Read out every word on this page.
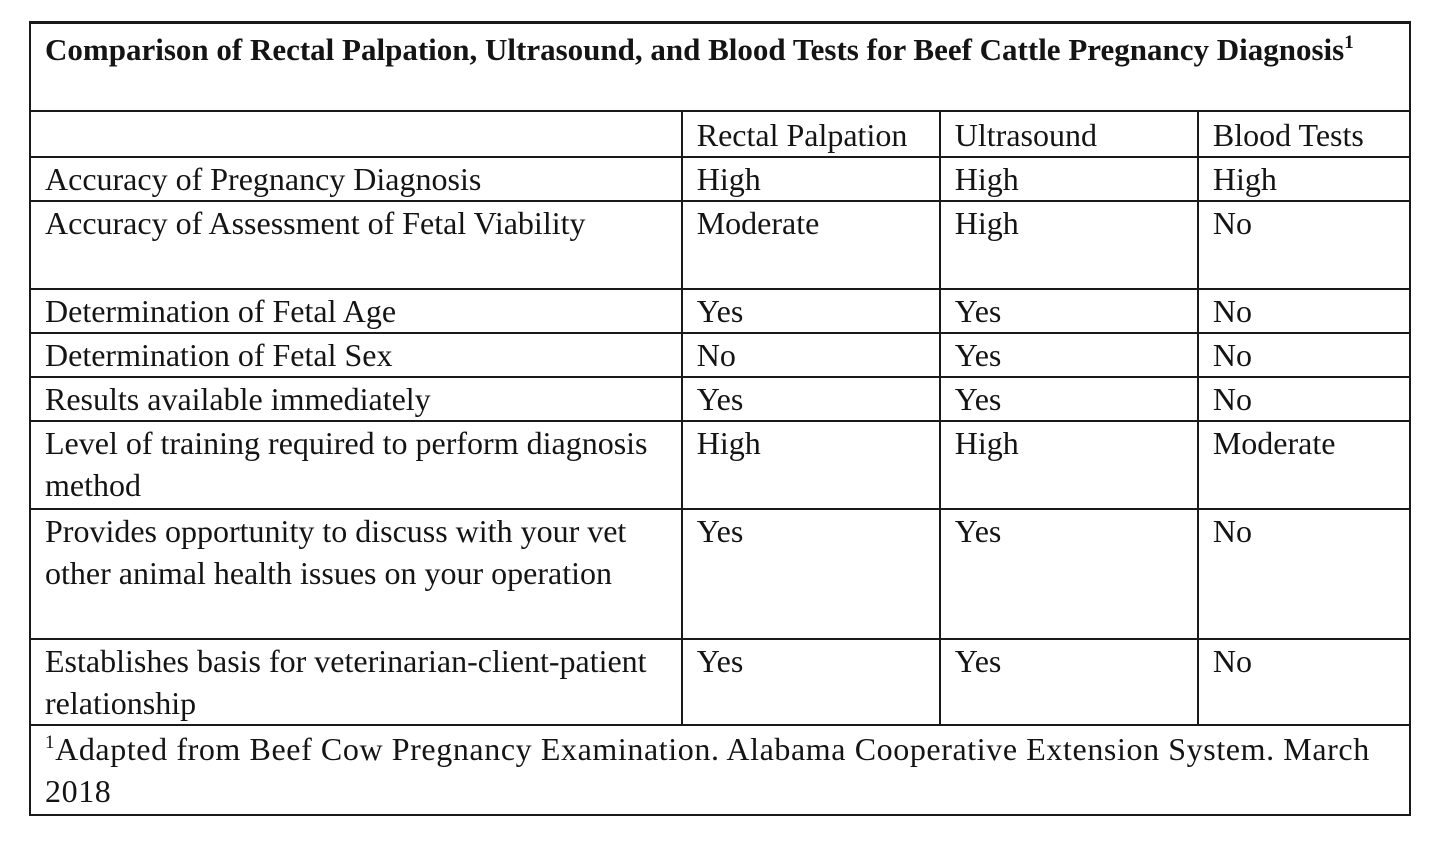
Comparison of Rectal Palpation, Ultrasound, and Blood Tests for Beef Cattle Pregnancy Diagnosis$^1$
	Rectal Palpation	Ultrasound	Blood Tests
Accuracy of Pregnancy Diagnosis	High	High	High
Accuracy of Assessment of Fetal Viability	Moderate	High	No
Determination of Fetal Age	Yes	Yes	No
Determination of Fetal Sex	No	Yes	No
Results available immediately	Yes	Yes	No
Level of training required to perform diagnosis method	High	High	Moderate
Provides opportunity to discuss with your vet other animal health issues on your operation	Yes	Yes	No
Establishes basis for veterinarian-client-patient relationship	Yes	Yes	No
$^1$Adapted from Beef Cow Pregnancy Examination. Alabama Cooperative Extension System. March 2018			
